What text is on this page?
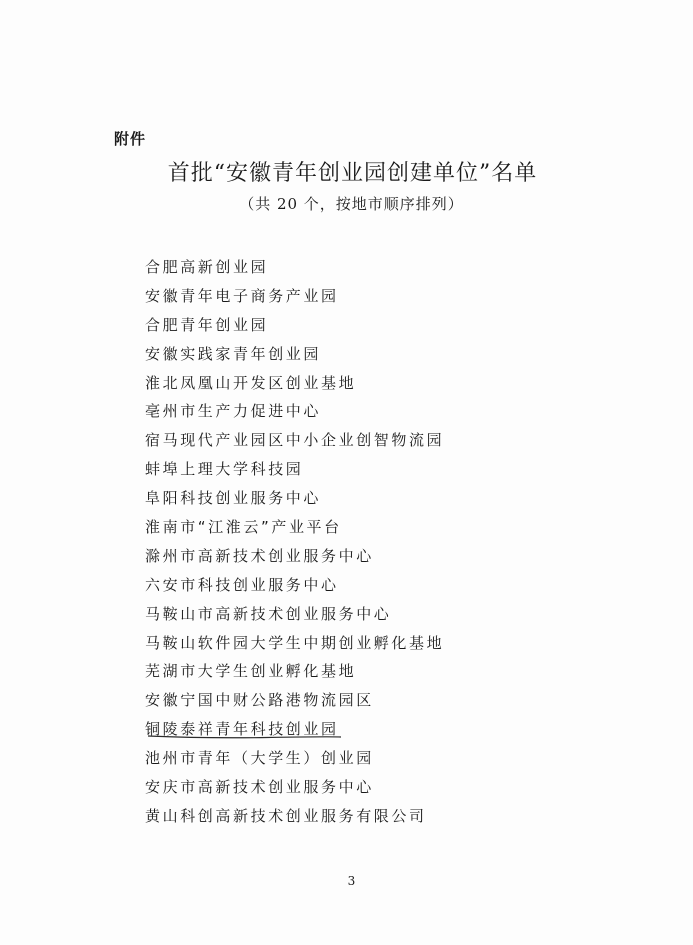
附件
首批“安徽青年创业园创建单位”名单
（共 20 个，按地市顺序排列）
合肥高新创业园
安徽青年电子商务产业园
合肥青年创业园
安徽实践家青年创业园
淮北凤凰山开发区创业基地
亳州市生产力促进中心
宿马现代产业园区中小企业创智物流园
蚌埠上理大学科技园
阜阳科技创业服务中心
淮南市“江淮云”产业平台
滁州市高新技术创业服务中心
六安市科技创业服务中心
马鞍山市高新技术创业服务中心
马鞍山软件园大学生中期创业孵化基地
芜湖市大学生创业孵化基地
安徽宁国中财公路港物流园区
铜陵泰祥青年科技创业园
池州市青年（大学生）创业园
安庆市高新技术创业服务中心
黄山科创高新技术创业服务有限公司
3
